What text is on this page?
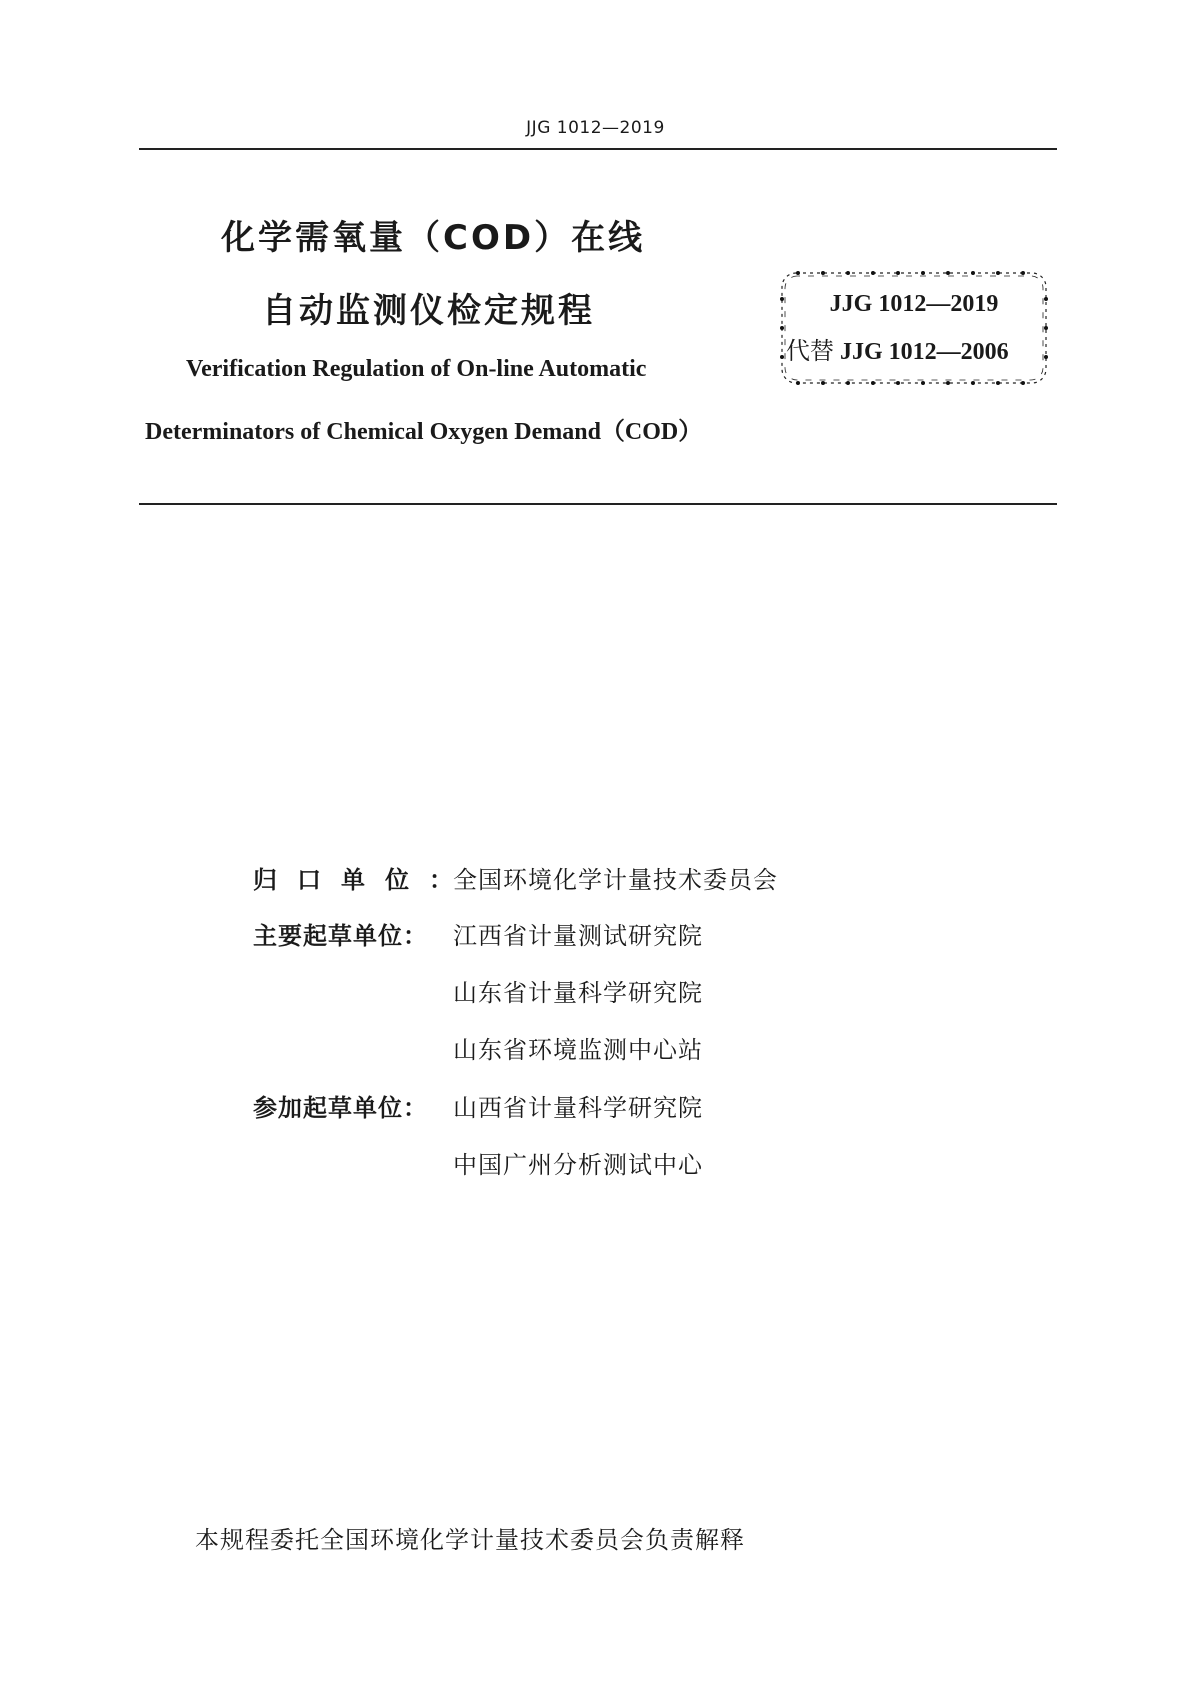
JJG 1012—2019
化学需氧量（COD）在线
自动监测仪检定规程
Verification Regulation of On-line Automatic
Determinators of Chemical Oxygen Demand（COD）
JJG 1012—2019
代替 JJG 1012—2006
归口单位：
全国环境化学计量技术委员会
主要起草单位：	江西省计量测试研究院
山东省计量科学研究院
山东省环境监测中心站
参加起草单位：	山西省计量科学研究院
中国广州分析测试中心
本规程委托全国环境化学计量技术委员会负责解释
